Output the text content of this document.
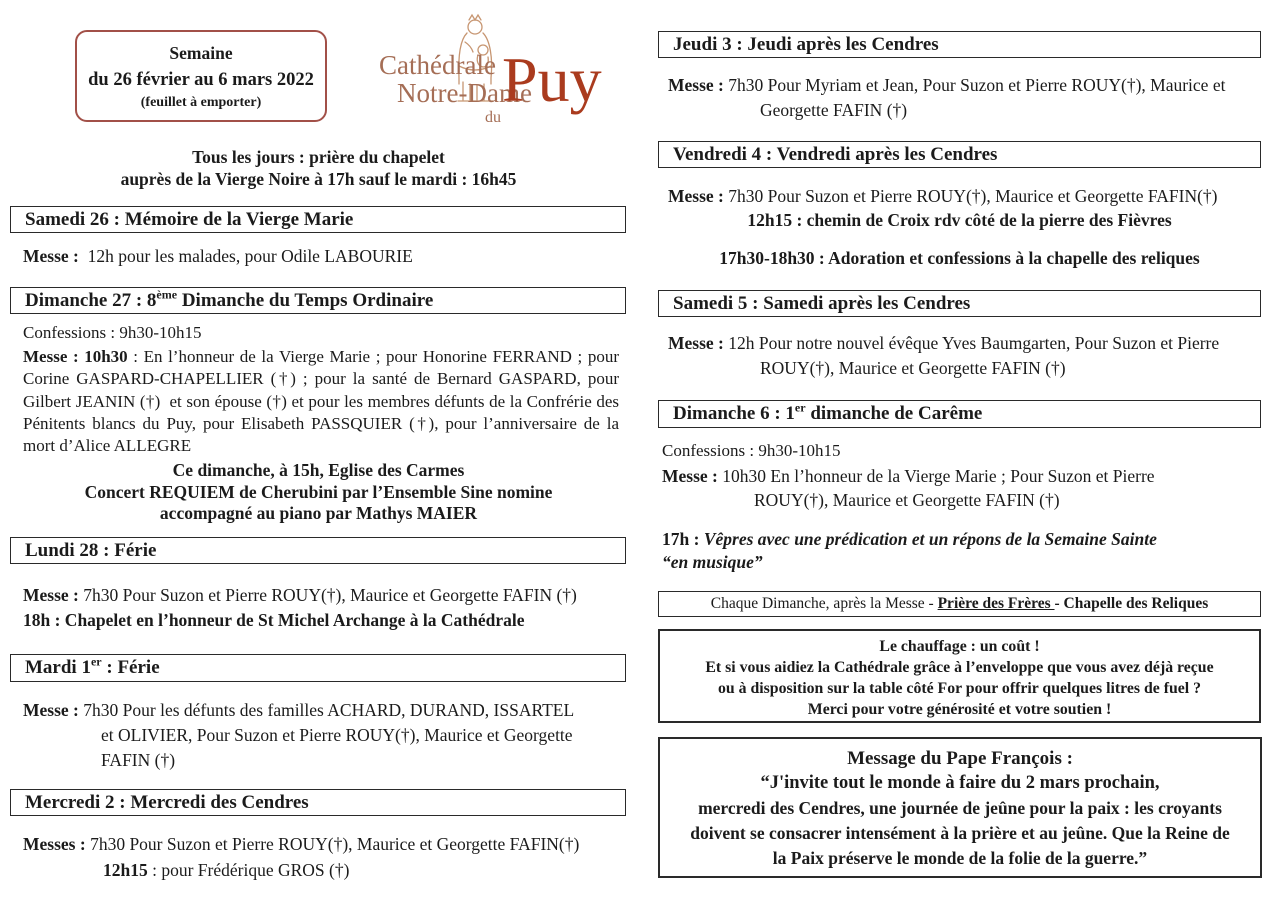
Semaine
du 26 février au 6 mars 2022
(feuillet à emporter)
Cathédrale
Notre-Dame
du
Puy
Tous les jours : prière du chapelet
auprès de la Vierge Noire à 17h sauf le mardi : 16h45
Samedi 26 : Mémoire de la Vierge Marie
Messe :  12h pour les malades, pour Odile LABOURIE
Dimanche 27 : 8ème Dimanche du Temps Ordinaire
Confessions : 9h30-10h15
Messe : 10h30 : En l’honneur de la Vierge Marie ; pour Honorine FERRAND ; pour Corine GASPARD-CHAPELLIER (†) ; pour la santé de Bernard GASPARD, pour Gilbert JEANIN (†)  et son épouse (†) et pour les membres défunts de la Confrérie des Pénitents blancs du Puy, pour Elisabeth PASSQUIER (†), pour l’anniversaire de la mort d’Alice ALLEGRE
Ce dimanche, à 15h, Eglise des Carmes
Concert REQUIEM de Cherubini par l’Ensemble Sine nomine
accompagné au piano par Mathys MAIER
Lundi 28 : Férie
Messe : 7h30 Pour Suzon et Pierre ROUY(†), Maurice et Georgette FAFIN (†)
18h : Chapelet en l’honneur de St Michel Archange à la Cathédrale
Mardi 1er : Férie
Messe : 7h30 Pour les défunts des familles ACHARD, DURAND, ISSARTEL
et OLIVIER, Pour Suzon et Pierre ROUY(†), Maurice et Georgette
FAFIN (†)
Mercredi 2 : Mercredi des Cendres
Messes : 7h30 Pour Suzon et Pierre ROUY(†), Maurice et Georgette FAFIN(†)
12h15 : pour Frédérique GROS (†)
Jeudi 3 : Jeudi après les Cendres
Messe : 7h30 Pour Myriam et Jean, Pour Suzon et Pierre ROUY(†), Maurice et
Georgette FAFIN (†)
Vendredi 4 : Vendredi après les Cendres
Messe : 7h30 Pour Suzon et Pierre ROUY(†), Maurice et Georgette FAFIN(†)
12h15 : chemin de Croix rdv côté de la pierre des Fièvres
17h30-18h30 : Adoration et confessions à la chapelle des reliques
Samedi 5 : Samedi après les Cendres
Messe : 12h Pour notre nouvel évêque Yves Baumgarten, Pour Suzon et Pierre
ROUY(†), Maurice et Georgette FAFIN (†)
Dimanche 6 : 1er dimanche de Carême
Confessions : 9h30-10h15
Messe : 10h30 En l’honneur de la Vierge Marie ; Pour Suzon et Pierre
ROUY(†), Maurice et Georgette FAFIN (†)
17h : Vêpres avec une prédication et un répons de la Semaine Sainte
“en musique”
Chaque Dimanche, après la Messe - Prière des Frères - Chapelle des Reliques
Le chauffage : un coût !
Et si vous aidiez la Cathédrale grâce à l’enveloppe que vous avez déjà reçue
ou à disposition sur la table côté For pour offrir quelques litres de fuel ?
Merci pour votre générosité et votre soutien !
Message du Pape François :
“J'invite tout le monde à faire du 2 mars prochain,
mercredi des Cendres, une journée de jeûne pour la paix : les croyants
doivent se consacrer intensément à la prière et au jeûne. Que la Reine de
la Paix préserve le monde de la folie de la guerre.”
